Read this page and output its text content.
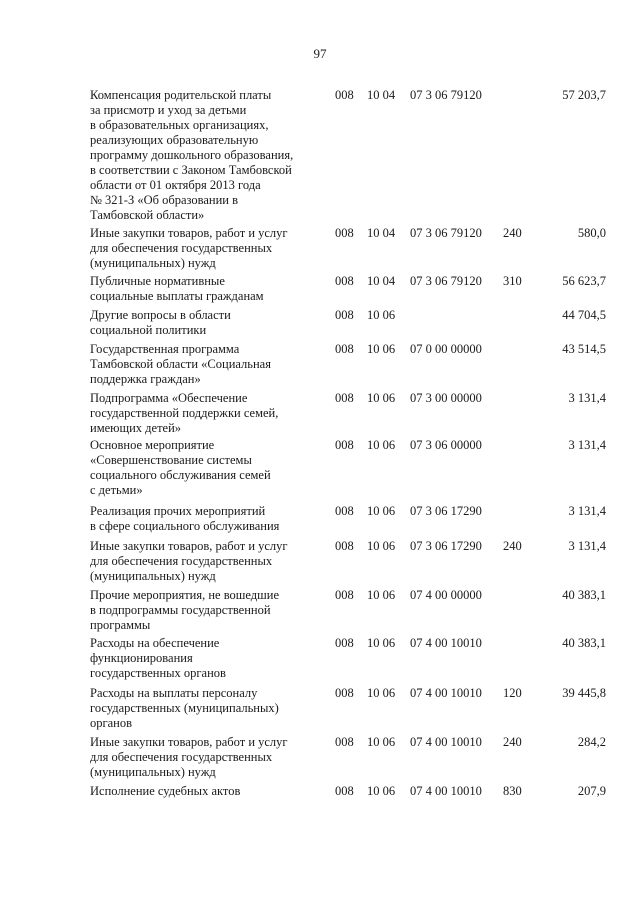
97
Компенсация родительской платы
за присмотр и уход за детьми
в образовательных организациях,
реализующих образовательную
программу дошкольного образования,
в соответствии с Законом Тамбовской
области от 01 октября 2013 года
№ 321-З «Об образовании в
Тамбовской области»
008 10 04 07 3 06 79120	57 203,7
Иные закупки товаров, работ и услуг
для обеспечения государственных
(муниципальных) нужд
008 10 04 07 3 06 79120 240	580,0
Публичные нормативные
социальные выплаты гражданам
008 10 04 07 3 06 79120 310	56 623,7
Другие вопросы в области
социальной политики
008 10 06	44 704,5
Государственная программа
Тамбовской области «Социальная
поддержка граждан»
008 10 06 07 0 00 00000	43 514,5
Подпрограмма «Обеспечение
государственной поддержки семей,
имеющих детей»
008 10 06 07 3 00 00000	3 131,4
Основное мероприятие
«Совершенствование системы
социального обслуживания семей
с детьми»
008 10 06 07 3 06 00000	3 131,4
Реализация прочих мероприятий
в сфере социального обслуживания
008 10 06 07 3 06 17290	3 131,4
Иные закупки товаров, работ и услуг
для обеспечения государственных
(муниципальных) нужд
008 10 06 07 3 06 17290 240	3 131,4
Прочие мероприятия, не вошедшие
в подпрограммы государственной
программы
008 10 06 07 4 00 00000	40 383,1
Расходы на обеспечение
функционирования
государственных органов
008 10 06 07 4 00 10010	40 383,1
Расходы на выплаты персоналу
государственных (муниципальных)
органов
008 10 06 07 4 00 10010 120	39 445,8
Иные закупки товаров, работ и услуг
для обеспечения государственных
(муниципальных) нужд
008 10 06 07 4 00 10010 240	284,2
Исполнение судебных актов	008 10 06 07 4 00 10010 830	207,9
